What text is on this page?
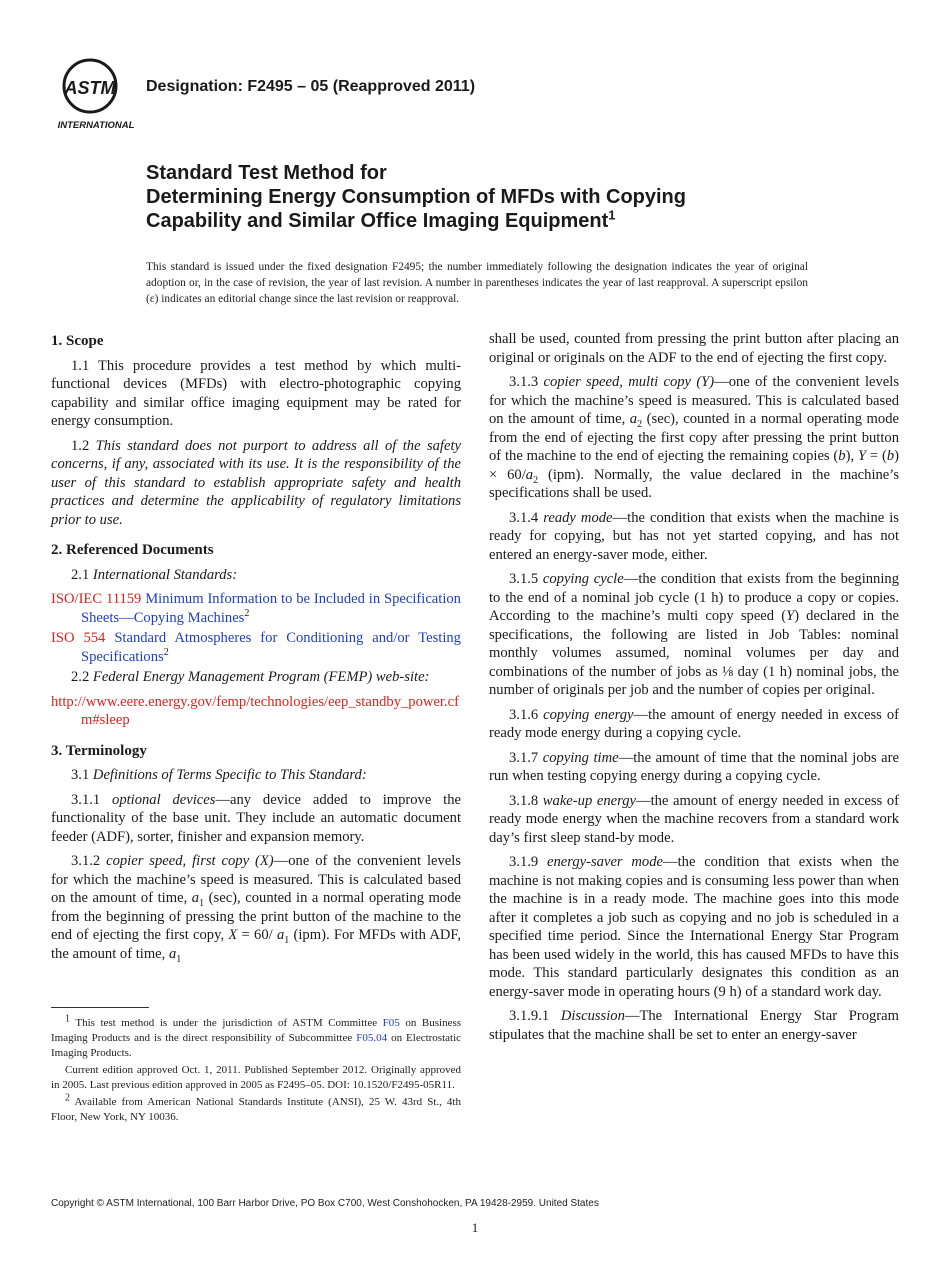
ASTM
INTERNATIONAL
Designation: F2495 – 05 (Reapproved 2011)
Standard Test Method for
Determining Energy Consumption of MFDs with Copying
Capability and Similar Office Imaging Equipment$^1$
This standard is issued under the fixed designation F2495; the number immediately following the designation indicates the year of original adoption or, in the case of revision, the year of last revision. A number in parentheses indicates the year of last reapproval. A superscript epsilon (ε) indicates an editorial change since the last revision or reapproval.
1. Scope

1.1 This procedure provides a test method by which multi-functional devices (MFDs) with electro-photographic copying capability and similar office imaging equipment may be rated for energy consumption.

1.2 This standard does not purport to address all of the safety concerns, if any, associated with its use. It is the responsibility of the user of this standard to establish appropriate safety and health practices and determine the applicability of regulatory limitations prior to use.

2. Referenced Documents

2.1 International Standards:

ISO/IEC 11159 Minimum Information to be Included in Specification Sheets—Copying Machines$^2$

ISO 554 Standard Atmospheres for Conditioning and/or Testing Specifications$^2$

2.2 Federal Energy Management Program (FEMP) web-site:

http://www.eere.energy.gov/femp/technologies/eep_standby_power.cfm#sleep

3. Terminology

3.1 Definitions of Terms Specific to This Standard:

3.1.1 optional devices—any device added to improve the functionality of the base unit. They include an automatic document feeder (ADF), sorter, finisher and expansion memory.

3.1.2 copier speed, first copy (X)—one of the convenient levels for which the machine’s speed is measured. This is calculated based on the amount of time, $a_1$ (sec), counted in a normal operating mode from the beginning of pressing the print button of the machine to the end of ejecting the first copy, X = 60/ $a_1$ (ipm). For MFDs with ADF, the amount of time, $a_1$

$^1$ This test method is under the jurisdiction of ASTM Committee F05 on Business Imaging Products and is the direct responsibility of Subcommittee F05.04 on Electrostatic Imaging Products.

Current edition approved Oct. 1, 2011. Published September 2012. Originally approved in 2005. Last previous edition approved in 2005 as F2495–05. DOI: 10.1520/F2495-05R11.

$^2$ Available from American National Standards Institute (ANSI), 25 W. 43rd St., 4th Floor, New York, NY 10036.

shall be used, counted from pressing the print button after placing an original or originals on the ADF to the end of ejecting the first copy.

3.1.3 copier speed, multi copy (Y)—one of the convenient levels for which the machine’s speed is measured. This is calculated based on the amount of time, $a_2$ (sec), counted in a normal operating mode from the end of ejecting the first copy after pressing the print button of the machine to the end of ejecting the remaining copies (b), $Y = (b) \times 60/a_2$ (ipm). Normally, the value declared in the machine’s specifications shall be used.

3.1.4 ready mode—the condition that exists when the machine is ready for copying, but has not yet started copying, and has not entered an energy-saver mode, either.

3.1.5 copying cycle—the condition that exists from the beginning to the end of a nominal job cycle (1 h) to produce a copy or copies. According to the machine’s multi copy speed (Y) declared in the specifications, the following are listed in Job Tables: nominal monthly volumes assumed, nominal volumes per day and combinations of the number of jobs as ⅛ day (1 h) nominal jobs, the number of originals per job and the number of copies per original.

3.1.6 copying energy—the amount of energy needed in excess of ready mode energy during a copying cycle.

3.1.7 copying time—the amount of time that the nominal jobs are run when testing copying energy during a copying cycle.

3.1.8 wake-up energy—the amount of energy needed in excess of ready mode energy when the machine recovers from a standard work day’s first sleep stand-by mode.

3.1.9 energy-saver mode—the condition that exists when the machine is not making copies and is consuming less power than when the machine is in a ready mode. The machine goes into this mode after it completes a job such as copying and no job is scheduled in a specified time period. Since the International Energy Star Program has been used widely in the world, this has caused MFDs to have this mode. This standard particularly designates this condition as an energy-saver mode in operating hours (9 h) of a standard work day.

3.1.9.1 Discussion—The International Energy Star Program stipulates that the machine shall be set to enter an energy-saver

Copyright © ASTM International, 100 Barr Harbor Drive, PO Box C700, West Conshohocken, PA 19428-2959. United States
1
